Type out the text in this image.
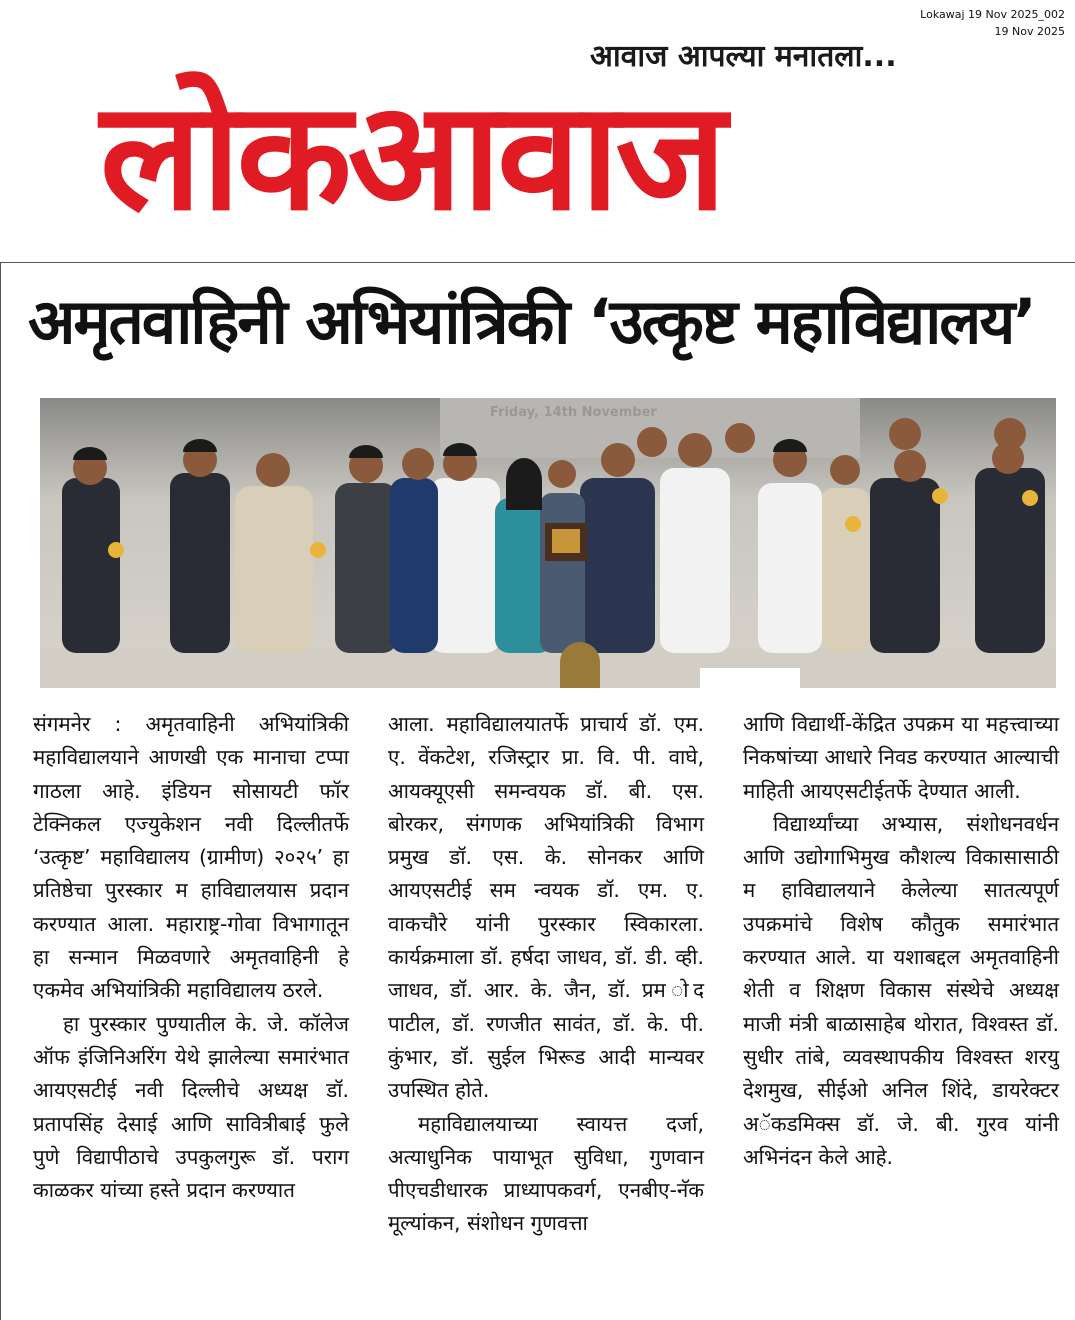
Lokawaj 19 Nov 2025_002
19 Nov 2025
आवाज आपल्या मनातला...
लोकआवाज
अमृतवाहिनी अभियांत्रिकी ‘उत्कृष्ट महाविद्यालय’
Friday, 14th November

संगमनेर : अमृतवाहिनी अभियांत्रिकी महाविद्यालयाने आणखी एक मानाचा टप्पा गाठला आहे. इंडियन सोसायटी फॉर टेक्निकल एज्युकेशन नवी दिल्लीतर्फे ‘उत्कृष्ट’ महाविद्यालय (ग्रामीण) २०२५’ हा प्रतिष्ठेचा पुरस्कार म हाविद्यालयास प्रदान करण्यात आला. महाराष्ट्र-गोवा विभागातून हा सन्मान मिळवणारे अमृतवाहिनी हे एकमेव अभियांत्रिकी महाविद्यालय ठरले.

हा पुरस्कार पुण्यातील के. जे. कॉलेज ऑफ इंजिनिअरिंग येथे झालेल्या समारंभात आयएसटीई नवी दिल्लीचे अध्यक्ष डॉ. प्रतापसिंह देसाई आणि सावित्रीबाई फुले पुणे विद्यापीठाचे उपकुलगुरू डॉ. पराग काळकर यांच्या हस्ते प्रदान करण्यात

आला. महाविद्यालयातर्फे प्राचार्य डॉ. एम. ए. वेंकटेश, रजिस्ट्रार प्रा. वि. पी. वाघे, आयक्यूएसी समन्वयक डॉ. बी. एस. बोरकर, संगणक अभियांत्रिकी विभाग प्रमुख डॉ. एस. के. सोनकर आणि आयएसटीई सम न्वयक डॉ. एम. ए. वाकचौरे यांनी पुरस्कार स्विकारला. कार्यक्रमाला डॉ. हर्षदा जाधव, डॉ. डी. व्ही. जाधव, डॉ. आर. के. जैन, डॉ. प्रम ोद पाटील, डॉ. रणजीत सावंत, डॉ. के. पी. कुंभार, डॉ. सुईल भिरूड आदी मान्यवर उपस्थित होते.

महाविद्यालयाच्या स्वायत्त दर्जा, अत्याधुनिक पायाभूत सुविधा, गुणवान पीएचडीधारक प्राध्यापकवर्ग, एनबीए-नॅक मूल्यांकन, संशोधन गुणवत्ता

आणि विद्यार्थी-केंद्रित उपक्रम या महत्त्वाच्या निकषांच्या आधारे निवड करण्यात आल्याची माहिती आयएसटीईतर्फे देण्यात आली.

विद्यार्थ्यांच्या अभ्यास, संशोधनवर्धन आणि उद्योगाभिमुख कौशल्य विकासासाठी म हाविद्यालयाने केलेल्या सातत्यपूर्ण उपक्रमांचे विशेष कौतुक समारंभात करण्यात आले. या यशाबद्दल अमृतवाहिनी शेती व शिक्षण विकास संस्थेचे अध्यक्ष माजी मंत्री बाळासाहेब थोरात, विश्वस्त डॉ. सुधीर तांबे, व्यवस्थापकीय विश्वस्त शरयु देशमुख, सीईओ अनिल शिंदे, डायरेक्टर अॅकडमिक्स डॉ. जे. बी. गुरव यांनी अभिनंदन केले आहे.
